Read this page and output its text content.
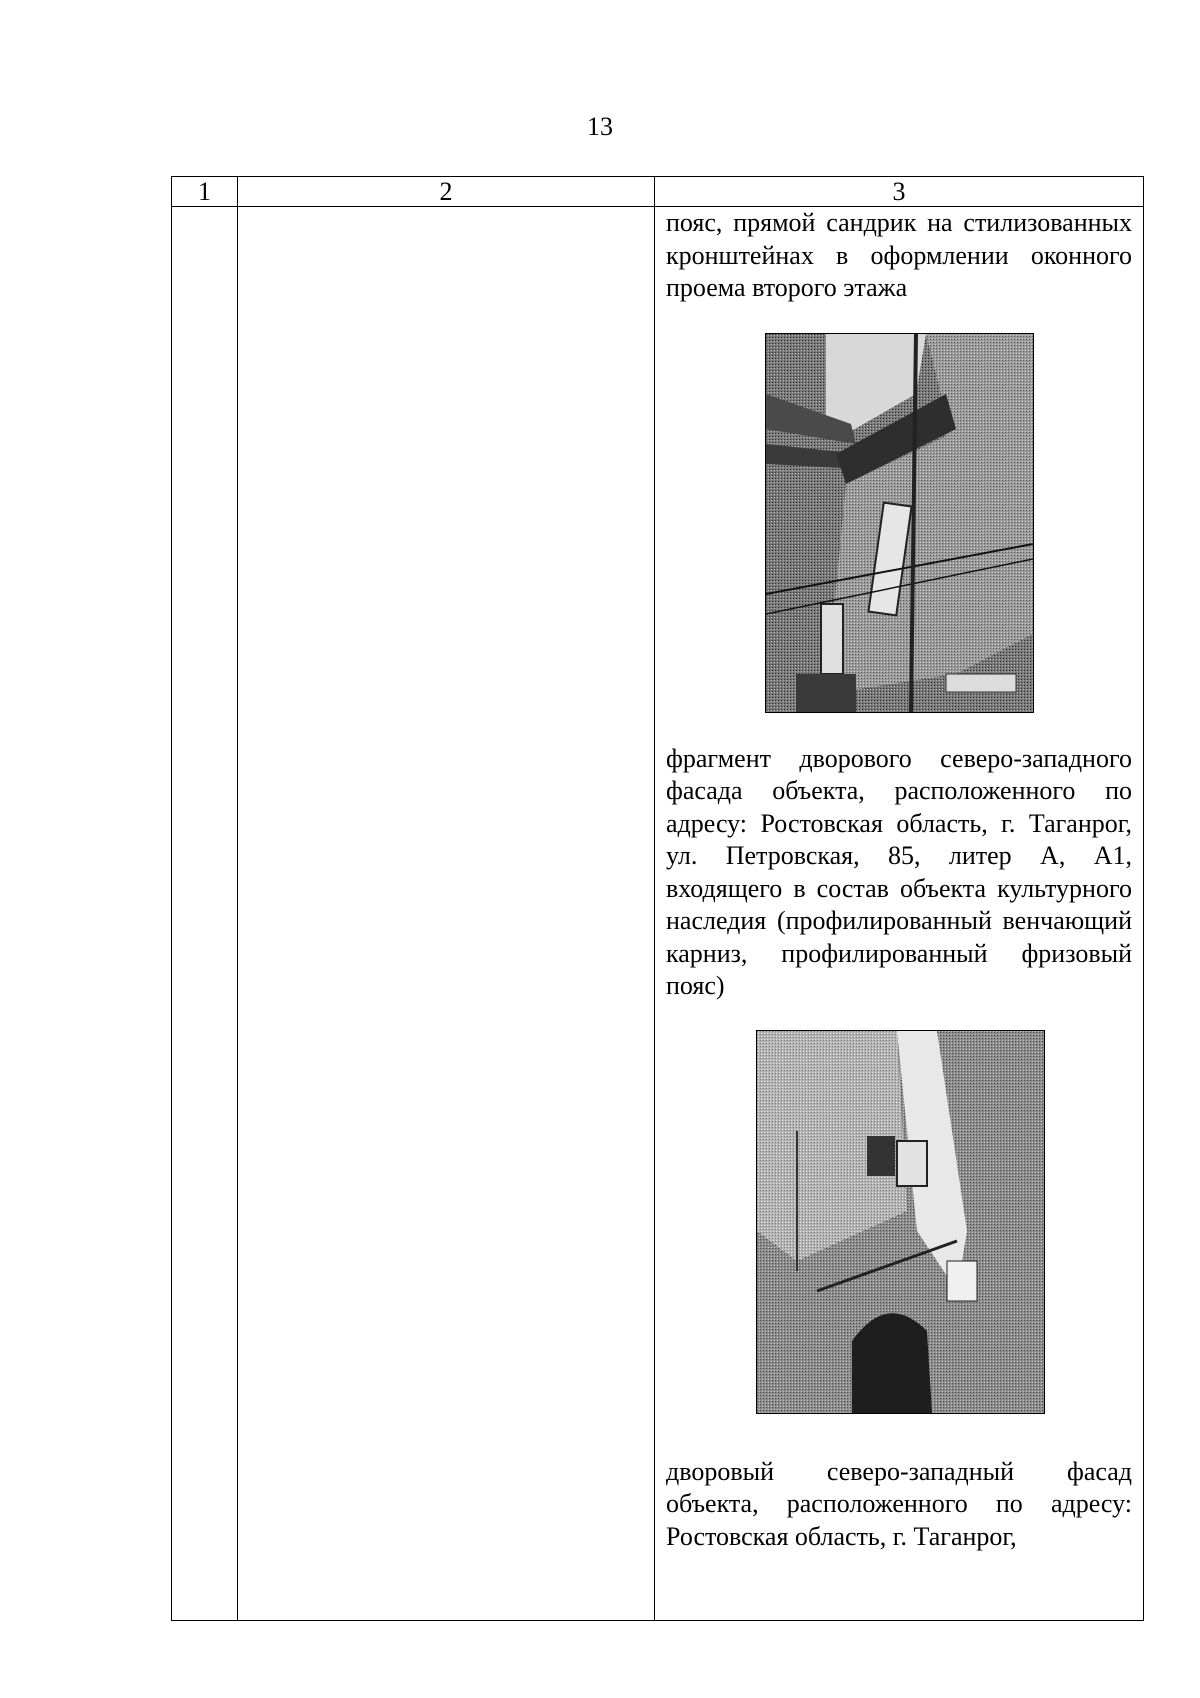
13
1	2	3

		пояс, прямой сандрик на стилизованных кронштейнах в оформлении оконного проема второго этажа

фрагмент дворового северо-западного фасада объекта, расположенного по адресу: Ростовская область, г. Таганрог, ул. Петровская, 85, литер А, А1, входящего в состав объекта культурного наследия (профилированный венчающий карниз, профилированный фризовый пояс)

дворовый северо-западный фасад объекта, расположенного по адресу: Ростовская область, г. Таганрог,
